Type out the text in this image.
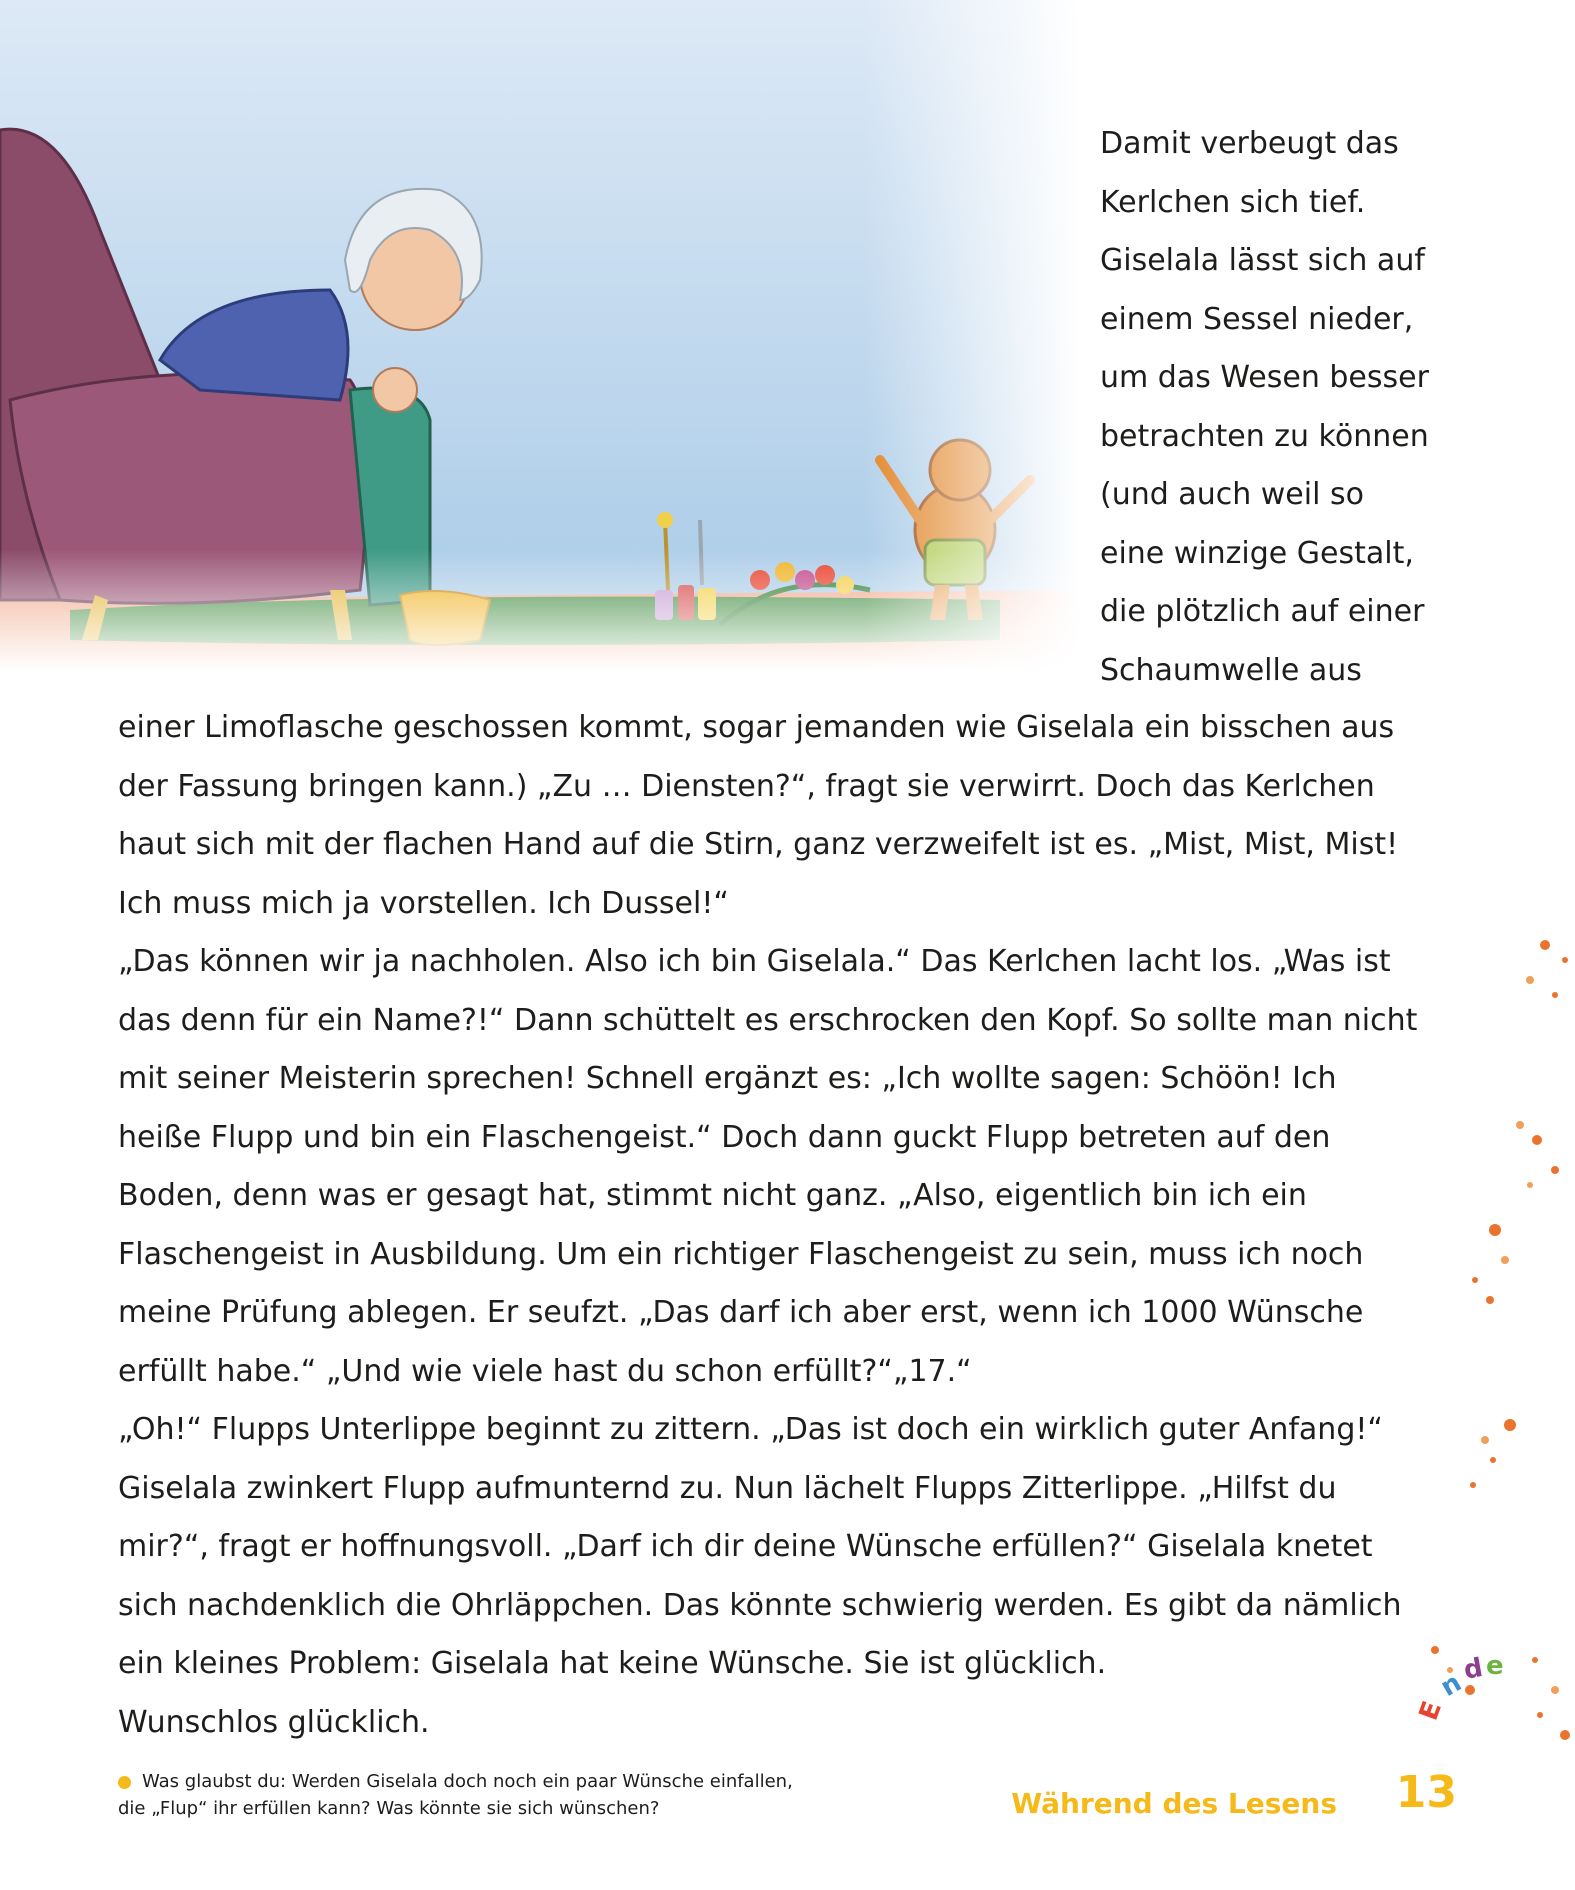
Damit verbeugt das
Kerlchen sich tief.
Giselala lässt sich auf
einem Sessel nieder,
um das Wesen besser
betrachten zu können
(und auch weil so
eine winzige Gestalt,
die plötzlich auf einer
Schaumwelle aus
einer Limoflasche geschossen kommt, sogar jemanden wie Giselala ein bisschen aus
der Fassung bringen kann.) „Zu … Diensten?“, fragt sie verwirrt. Doch das Kerlchen
haut sich mit der flachen Hand auf die Stirn, ganz verzweifelt ist es. „Mist, Mist, Mist!
Ich muss mich ja vorstellen. Ich Dussel!“
„Das können wir ja nachholen. Also ich bin Giselala.“ Das Kerlchen lacht los. „Was ist
das denn für ein Name?!“ Dann schüttelt es erschrocken den Kopf. So sollte man nicht
mit seiner Meisterin sprechen! Schnell ergänzt es: „Ich wollte sagen: Schöön! Ich
heiße Flupp und bin ein Flaschengeist.“ Doch dann guckt Flupp betreten auf den
Boden, denn was er gesagt hat, stimmt nicht ganz. „Also, eigentlich bin ich ein
Flaschengeist in Ausbildung. Um ein richtiger Flaschengeist zu sein, muss ich noch
meine Prüfung ablegen. Er seufzt. „Das darf ich aber erst, wenn ich 1000 Wünsche
erfüllt habe.“ „Und wie viele hast du schon erfüllt?“„17.“
„Oh!“ Flupps Unterlippe beginnt zu zittern. „Das ist doch ein wirklich guter Anfang!“
Giselala zwinkert Flupp aufmunternd zu. Nun lächelt Flupps Zitterlippe. „Hilfst du
mir?“, fragt er hoffnungsvoll. „Darf ich dir deine Wünsche erfüllen?“ Giselala knetet
sich nachdenklich die Ohrläppchen. Das könnte schwierig werden. Es gibt da nämlich
ein kleines Problem: Giselala hat keine Wünsche. Sie ist glücklich.
Wunschlos glücklich.	E
n
d e
Was glaubst du: Werden Giselala doch noch ein paar Wünsche einfallen,
die „Flup“ ihr erfüllen kann? Was könnte sie sich wünschen?	Während des Lesens 13
